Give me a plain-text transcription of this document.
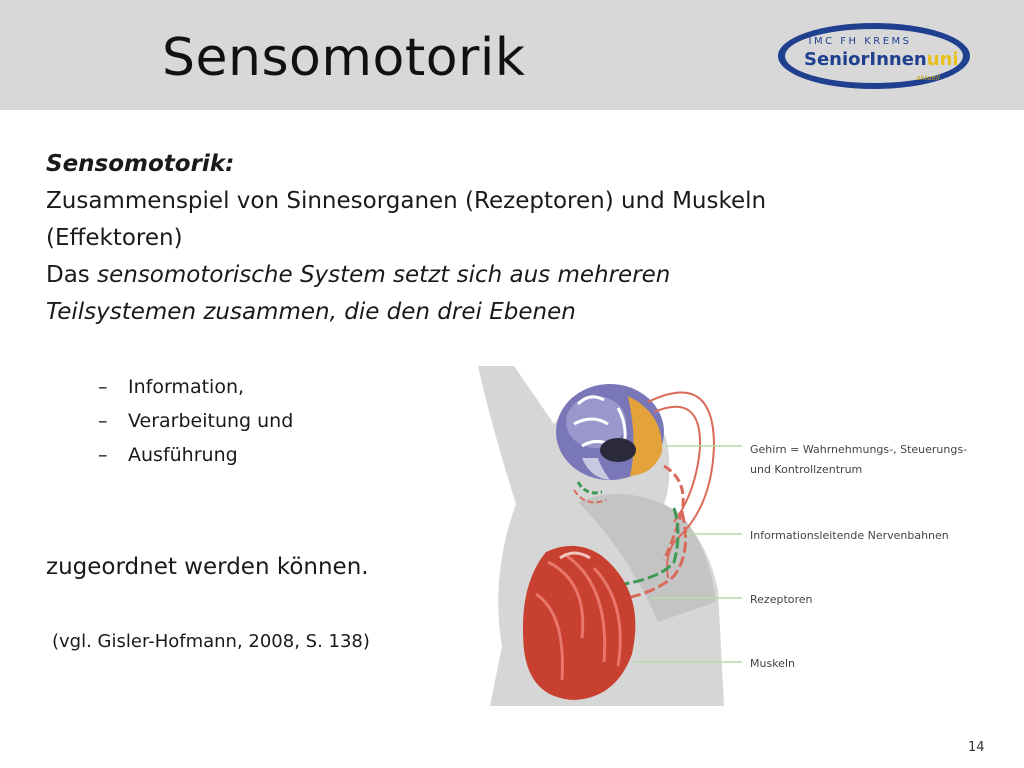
Sensomotorik	IMC FH KREMS
SeniorInnenuni
aktuell

Sensomotorik:

Zusammenspiel von Sinnesorganen (Rezeptoren) und Muskeln

(Effektoren)

Das sensomotorische System setzt sich aus mehreren

Teilsystemen zusammen, die den drei Ebenen

– Information,
– Verarbeitung und
– Ausführung
zugeordnet werden können.
(vgl. Gisler-Hofmann, 2008, S. 138)
Gehirn = Wahrnehmungs-, Steuerungs-
und Kontrollzentrum
Informationsleitende Nervenbahnen
Rezeptoren
Muskeln
14
